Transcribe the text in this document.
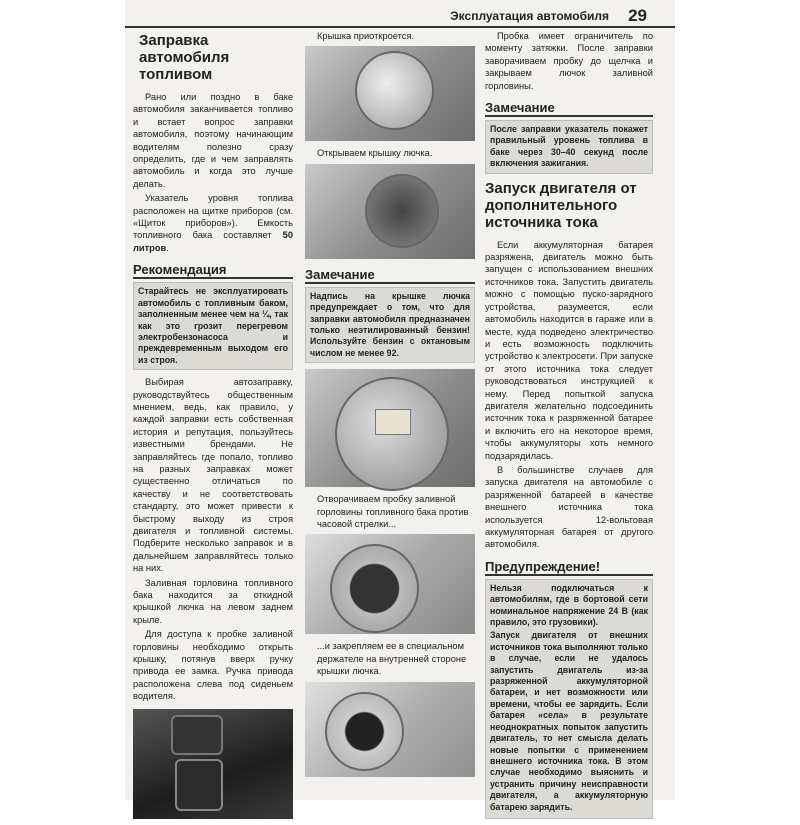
Эксплуатация автомобиля 29
Заправка автомобиля топливом

Рано или поздно в баке автомобиля заканчивается топливо и встает вопрос заправки автомобиля, поэтому начинающим водителям полезно сразу определить, где и чем заправлять автомобиль и когда это лучше делать.

Указатель уровня топлива расположен на щитке приборов (см. «Щиток приборов»). Емкость топливного бака составляет 50 литров.

Рекомендация
Старайтесь не эксплуатировать автомобиль с топливным баком, заполненным менее чем на ¼, так как это грозит перегревом электробензонасоса и преждевременным выходом его из строя.

Выбирая автозаправку, руководствуйтесь общественным мнением, ведь, как правило, у каждой заправки есть собственная история и репутация, пользуйтесь известными брендами. Не заправляйтесь где попало, топливо на разных заправках может существенно отличаться по качеству и не соответствовать стандарту, это может привести к быстрому выходу из строя двигателя и топливной системы. Подберите несколько заправок и в дальнейшем заправляйтесь только на них.

Заливная горловина топливного бака находится за откидной крышкой лючка на левом заднем крыле.

Для доступа к пробке заливной горловины необходимо открыть крышку, потянув вверх ручку привода ее замка. Ручка привода расположена слева под сиденьем водителя.

Крышка приоткроется.

Открываем крышку лючка.

Замечание
Надпись на крышке лючка предупреждает о том, что для заправки автомобиля предназначен только неэтилированный бензин! Используйте бензин с октановым числом не менее 92.

Отворачиваем пробку заливной горловины топливного бака против часовой стрелки...

...и закрепляем ее в специальном держателе на внутренней стороне крышки лючка.

Пробка имеет ограничитель по моменту затяжки. После заправки заворачиваем пробку до щелчка и закрываем лючок заливной горловины.

Замечание
После заправки указатель покажет правильный уровень топлива в баке через 30–40 секунд после включения зажигания.
Запуск двигателя от дополнительного источника тока

Если аккумуляторная батарея разряжена, двигатель можно быть запущен с использованием внешних источников тока. Запустить двигатель можно с помощью пуско-зарядного устройства, разумеется, если автомобиль находится в гараже или в месте, куда подведено электричество и есть возможность подключить устройство к электросети. При запуске от этого источника тока следует руководствоваться инструкцией к нему. Перед попыткой запуска двигателя желательно подсоединить источник тока к разряженной батарее и включить его на некоторое время, чтобы аккумуляторы хоть немного подзарядилась.

В большинстве случаев для запуска двигателя на автомобиле с разряженной батареей в качестве внешнего источника тока используется 12-вольтовая аккумуляторная батарея от другого автомобиля.

Предупреждение!

Нельзя подключаться к автомобилям, где в бортовой сети номинальное напряжение 24 В (как правило, это грузовики).

Запуск двигателя от внешних источников тока выполняют только в случае, если не удалось запустить двигатель из-за разряженной аккумуляторной батареи, и нет возможности или времени, чтобы ее зарядить. Если батарея «села» в результате неоднократных попыток запустить двигатель, то нет смысла делать новые попытки с применением внешнего источника тока. В этом случае необходимо выяснить и устранить причину неисправности двигателя, а аккумуляторную батарею зарядить.
